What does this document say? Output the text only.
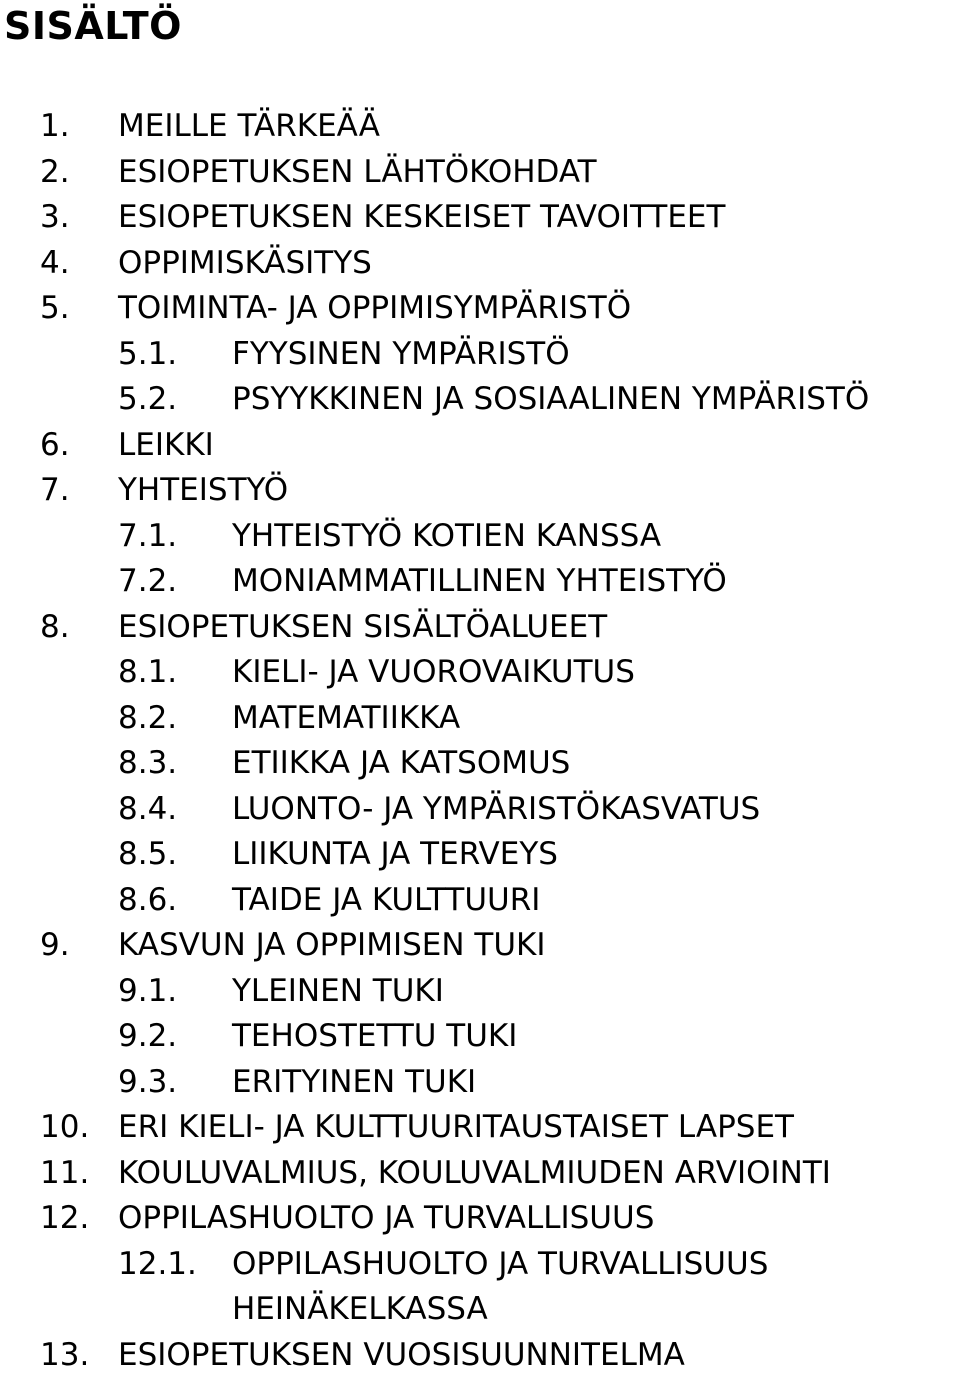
SISÄLTÖ
1. MEILLE TÄRKEÄÄ
2. ESIOPETUKSEN LÄHTÖKOHDAT
3. ESIOPETUKSEN KESKEISET TAVOITTEET
4. OPPIMISKÄSITYS
5. TOIMINTA- JA OPPIMISYMPÄRISTÖ
5.1. FYYSINEN YMPÄRISTÖ
5.2. PSYYKKINEN JA SOSIAALINEN YMPÄRISTÖ
6. LEIKKI
7. YHTEISTYÖ
7.1. YHTEISTYÖ KOTIEN KANSSA
7.2. MONIAMMATILLINEN YHTEISTYÖ
8. ESIOPETUKSEN SISÄLTÖALUEET
8.1. KIELI- JA VUOROVAIKUTUS
8.2. MATEMATIIKKA
8.3. ETIIKKA JA KATSOMUS
8.4. LUONTO- JA YMPÄRISTÖKASVATUS
8.5. LIIKUNTA JA TERVEYS
8.6. TAIDE JA KULTTUURI
9. KASVUN JA OPPIMISEN TUKI
9.1. YLEINEN TUKI
9.2. TEHOSTETTU TUKI
9.3. ERITYINEN TUKI
10. ERI KIELI- JA KULTTUURITAUSTAISET LAPSET
11. KOULUVALMIUS, KOULUVALMIUDEN ARVIOINTI
12. OPPILASHUOLTO JA TURVALLISUUS
12.1. OPPILASHUOLTO JA TURVALLISUUS HEINÄKELKASSA
13. ESIOPETUKSEN VUOSISUUNNITELMA
